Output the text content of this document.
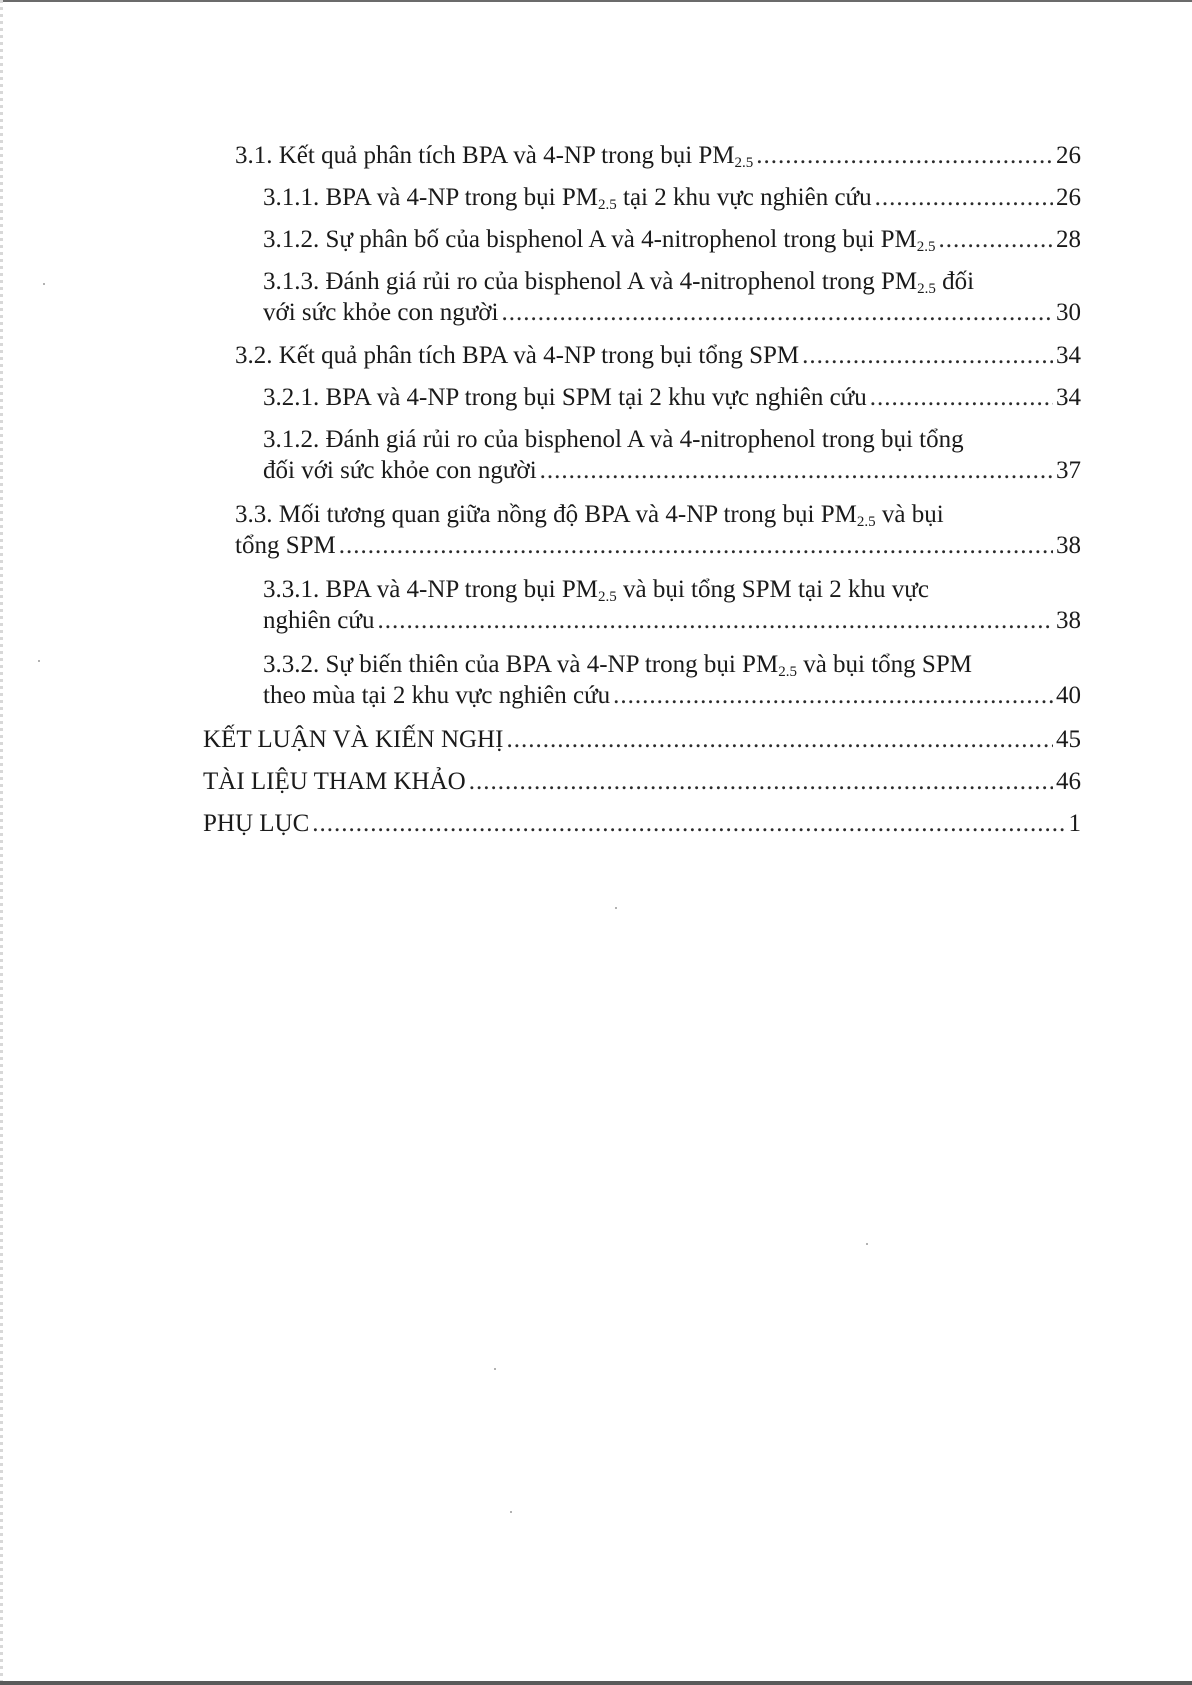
3.1. Kết quả phân tích BPA và 4-NP trong bụi $PM_{2.5}$ .....	26
3.1.1. BPA và 4-NP trong bụi $PM_{2.5}$ tại 2 khu vực nghiên cứu .....	26
3.1.2. Sự phân bố của bisphenol A và 4-nitrophenol trong bụi $PM_{2.5}$ .....	28
3.1.3. Đánh giá rủi ro của bisphenol A và 4-nitrophenol trong $PM_{2.5}$ đối
với sức khỏe con người .....	30
3.2. Kết quả phân tích BPA và 4-NP trong bụi tổng SPM .....	34
3.2.1. BPA và 4-NP trong bụi SPM tại 2 khu vực nghiên cứu .....	34
3.1.2. Đánh giá rủi ro của bisphenol A và 4-nitrophenol trong bụi tổng
đối với sức khỏe con người .....	37
3.3. Mối tương quan giữa nồng độ BPA và 4-NP trong bụi $PM_{2.5}$ và bụi
tổng SPM .....	38
3.3.1. BPA và 4-NP trong bụi $PM_{2.5}$ và bụi tổng SPM tại 2 khu vực
nghiên cứu .....	38
3.3.2. Sự biến thiên của BPA và 4-NP trong bụi $PM_{2.5}$ và bụi tổng SPM
theo mùa tại 2 khu vực nghiên cứu .....	40
KẾT LUẬN VÀ KIẾN NGHỊ .....	45
TÀI LIỆU THAM KHẢO .....	46
PHỤ LỤC .....	1
